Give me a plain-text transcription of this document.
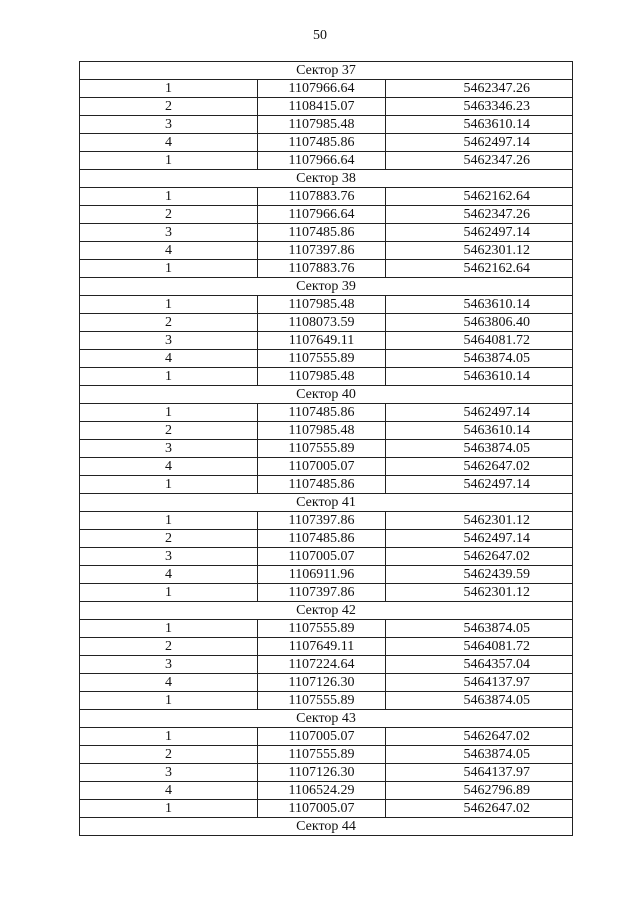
50
Сектор 37		
1	1107966.64	5462347.26
2	1108415.07	5463346.23
3	1107985.48	5463610.14
4	1107485.86	5462497.14
1	1107966.64	5462347.26
Сектор 38		
1	1107883.76	5462162.64
2	1107966.64	5462347.26
3	1107485.86	5462497.14
4	1107397.86	5462301.12
1	1107883.76	5462162.64
Сектор 39		
1	1107985.48	5463610.14
2	1108073.59	5463806.40
3	1107649.11	5464081.72
4	1107555.89	5463874.05
1	1107985.48	5463610.14
Сектор 40		
1	1107485.86	5462497.14
2	1107985.48	5463610.14
3	1107555.89	5463874.05
4	1107005.07	5462647.02
1	1107485.86	5462497.14
Сектор 41		
1	1107397.86	5462301.12
2	1107485.86	5462497.14
3	1107005.07	5462647.02
4	1106911.96	5462439.59
1	1107397.86	5462301.12
Сектор 42		
1	1107555.89	5463874.05
2	1107649.11	5464081.72
3	1107224.64	5464357.04
4	1107126.30	5464137.97
1	1107555.89	5463874.05
Сектор 43		
1	1107005.07	5462647.02
2	1107555.89	5463874.05
3	1107126.30	5464137.97
4	1106524.29	5462796.89
1	1107005.07	5462647.02
Сектор 44		
